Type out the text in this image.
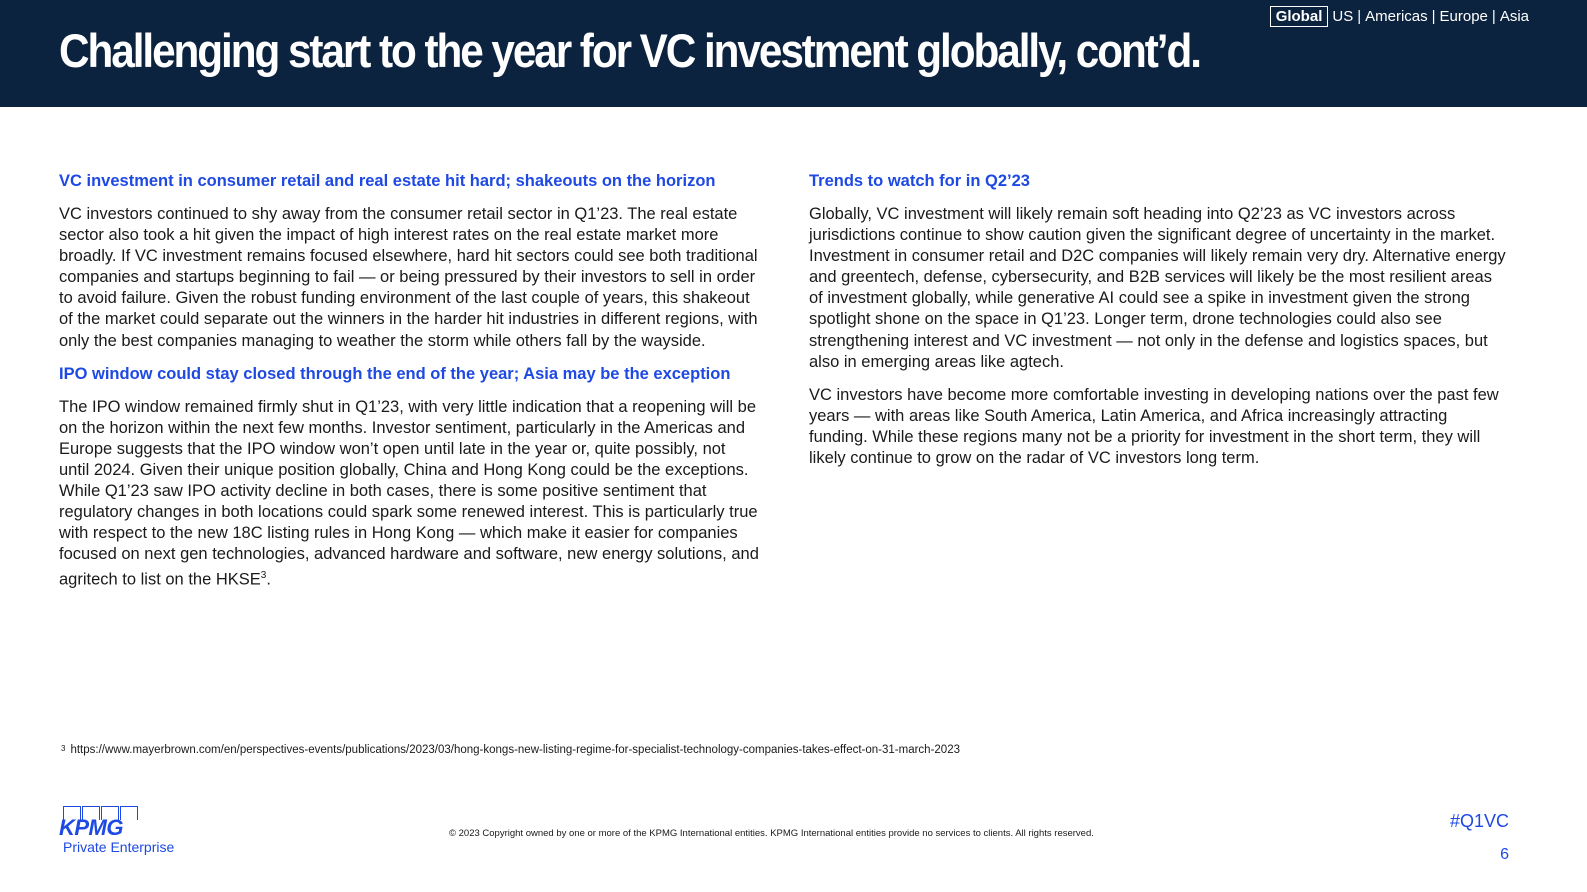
Challenging start to the year for VC investment globally, cont’d.
Global US | Americas | Europe | Asia
VC investment in consumer retail and real estate hit hard; shakeouts on the horizon

VC investors continued to shy away from the consumer retail sector in Q1’23. The real estate sector also took a hit given the impact of high interest rates on the real estate market more broadly. If VC investment remains focused elsewhere, hard hit sectors could see both traditional companies and startups beginning to fail — or being pressured by their investors to sell in order to avoid failure. Given the robust funding environment of the last couple of years, this shakeout of the market could separate out the winners in the harder hit industries in different regions, with only the best companies managing to weather the storm while others fall by the wayside.

IPO window could stay closed through the end of the year; Asia may be the exception

The IPO window remained firmly shut in Q1’23, with very little indication that a reopening will be on the horizon within the next few months. Investor sentiment, particularly in the Americas and Europe suggests that the IPO window won’t open until late in the year or, quite possibly, not until 2024. Given their unique position globally, China and Hong Kong could be the exceptions. While Q1’23 saw IPO activity decline in both cases, there is some positive sentiment that regulatory changes in both locations could spark some renewed interest. This is particularly true with respect to the new 18C listing rules in Hong Kong — which make it easier for companies focused on next gen technologies, advanced hardware and software, new energy solutions, and agritech to list on the HKSE$^3$.

Trends to watch for in Q2’23

Globally, VC investment will likely remain soft heading into Q2’23 as VC investors across jurisdictions continue to show caution given the significant degree of uncertainty in the market. Investment in consumer retail and D2C companies will likely remain very dry. Alternative energy and greentech, defense, cybersecurity, and B2B services will likely be the most resilient areas of investment globally, while generative AI could see a spike in investment given the strong spotlight shone on the space in Q1’23. Longer term, drone technologies could also see strengthening interest and VC investment — not only in the defense and logistics spaces, but also in emerging areas like agtech.

VC investors have become more comfortable investing in developing nations over the past few years — with areas like South America, Latin America, and Africa increasingly attracting funding. While these regions many not be a priority for investment in the short term, they will likely continue to grow on the radar of VC investors long term.

$^3$ https://www.mayerbrown.com/en/perspectives-events/publications/2023/03/hong-kongs-new-listing-regime-for-specialist-technology-companies-takes-effect-on-31-march-2023
KPMG
Private Enterprise
© 2023 Copyright owned by one or more of the KPMG International entities. KPMG International entities provide no services to clients. All rights reserved.
#Q1VC
6
